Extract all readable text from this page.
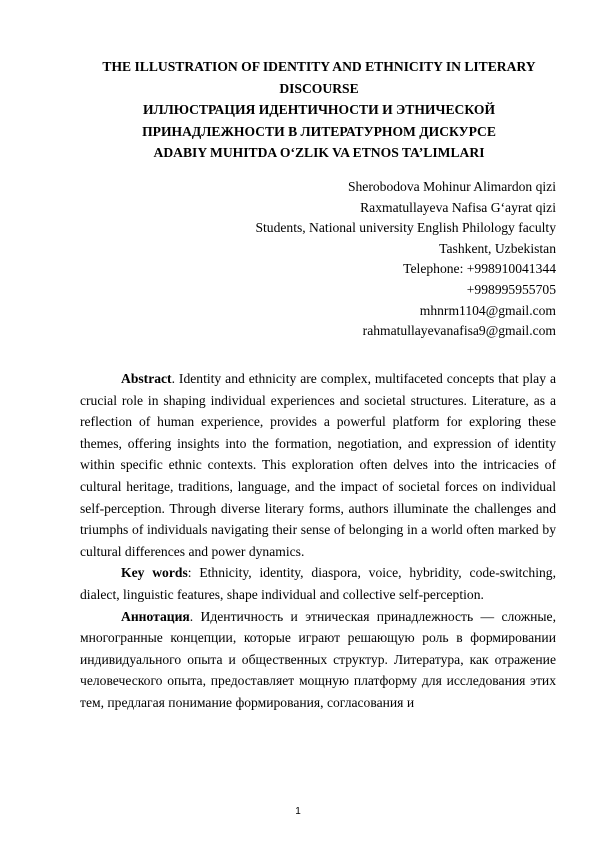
THE ILLUSTRATION OF IDENTITY AND ETHNICITY IN LITERARY
DISCOURSE
ИЛЛЮСТРАЦИЯ ИДЕНТИЧНОСТИ И ЭТНИЧЕСКОЙ
ПРИНАДЛЕЖНОСТИ В ЛИТЕРАТУРНОМ ДИСКУРСЕ
ADABIY MUHITDA O‘ZLIK VA ETNOS TA’LIMLARI
Sherobodova Mohinur Alimardon qizi
Raxmatullayeva Nafisa G‘ayrat qizi
Students, National university English Philology faculty
Tashkent, Uzbekistan
Telephone: +998910041344
+998995955705
mhnrm1104@gmail.com
rahmatullayevanafisa9@gmail.com

Abstract. Identity and ethnicity are complex, multifaceted concepts that play a crucial role in shaping individual experiences and societal structures. Literature, as a reflection of human experience, provides a powerful platform for exploring these themes, offering insights into the formation, negotiation, and expression of identity within specific ethnic contexts. This exploration often delves into the intricacies of cultural heritage, traditions, language, and the impact of societal forces on individual self-perception. Through diverse literary forms, authors illuminate the challenges and triumphs of individuals navigating their sense of belonging in a world often marked by cultural differences and power dynamics.

Key words: Ethnicity, identity, diaspora, voice, hybridity, code-switching, dialect, linguistic features, shape individual and collective self-perception.

Аннотация. Идентичность и этническая принадлежность — сложные, многогранные концепции, которые играют решающую роль в формировании индивидуального опыта и общественных структур. Литература, как отражение человеческого опыта, предоставляет мощную платформу для исследования этих тем, предлагая понимание формирования, согласования и

1
